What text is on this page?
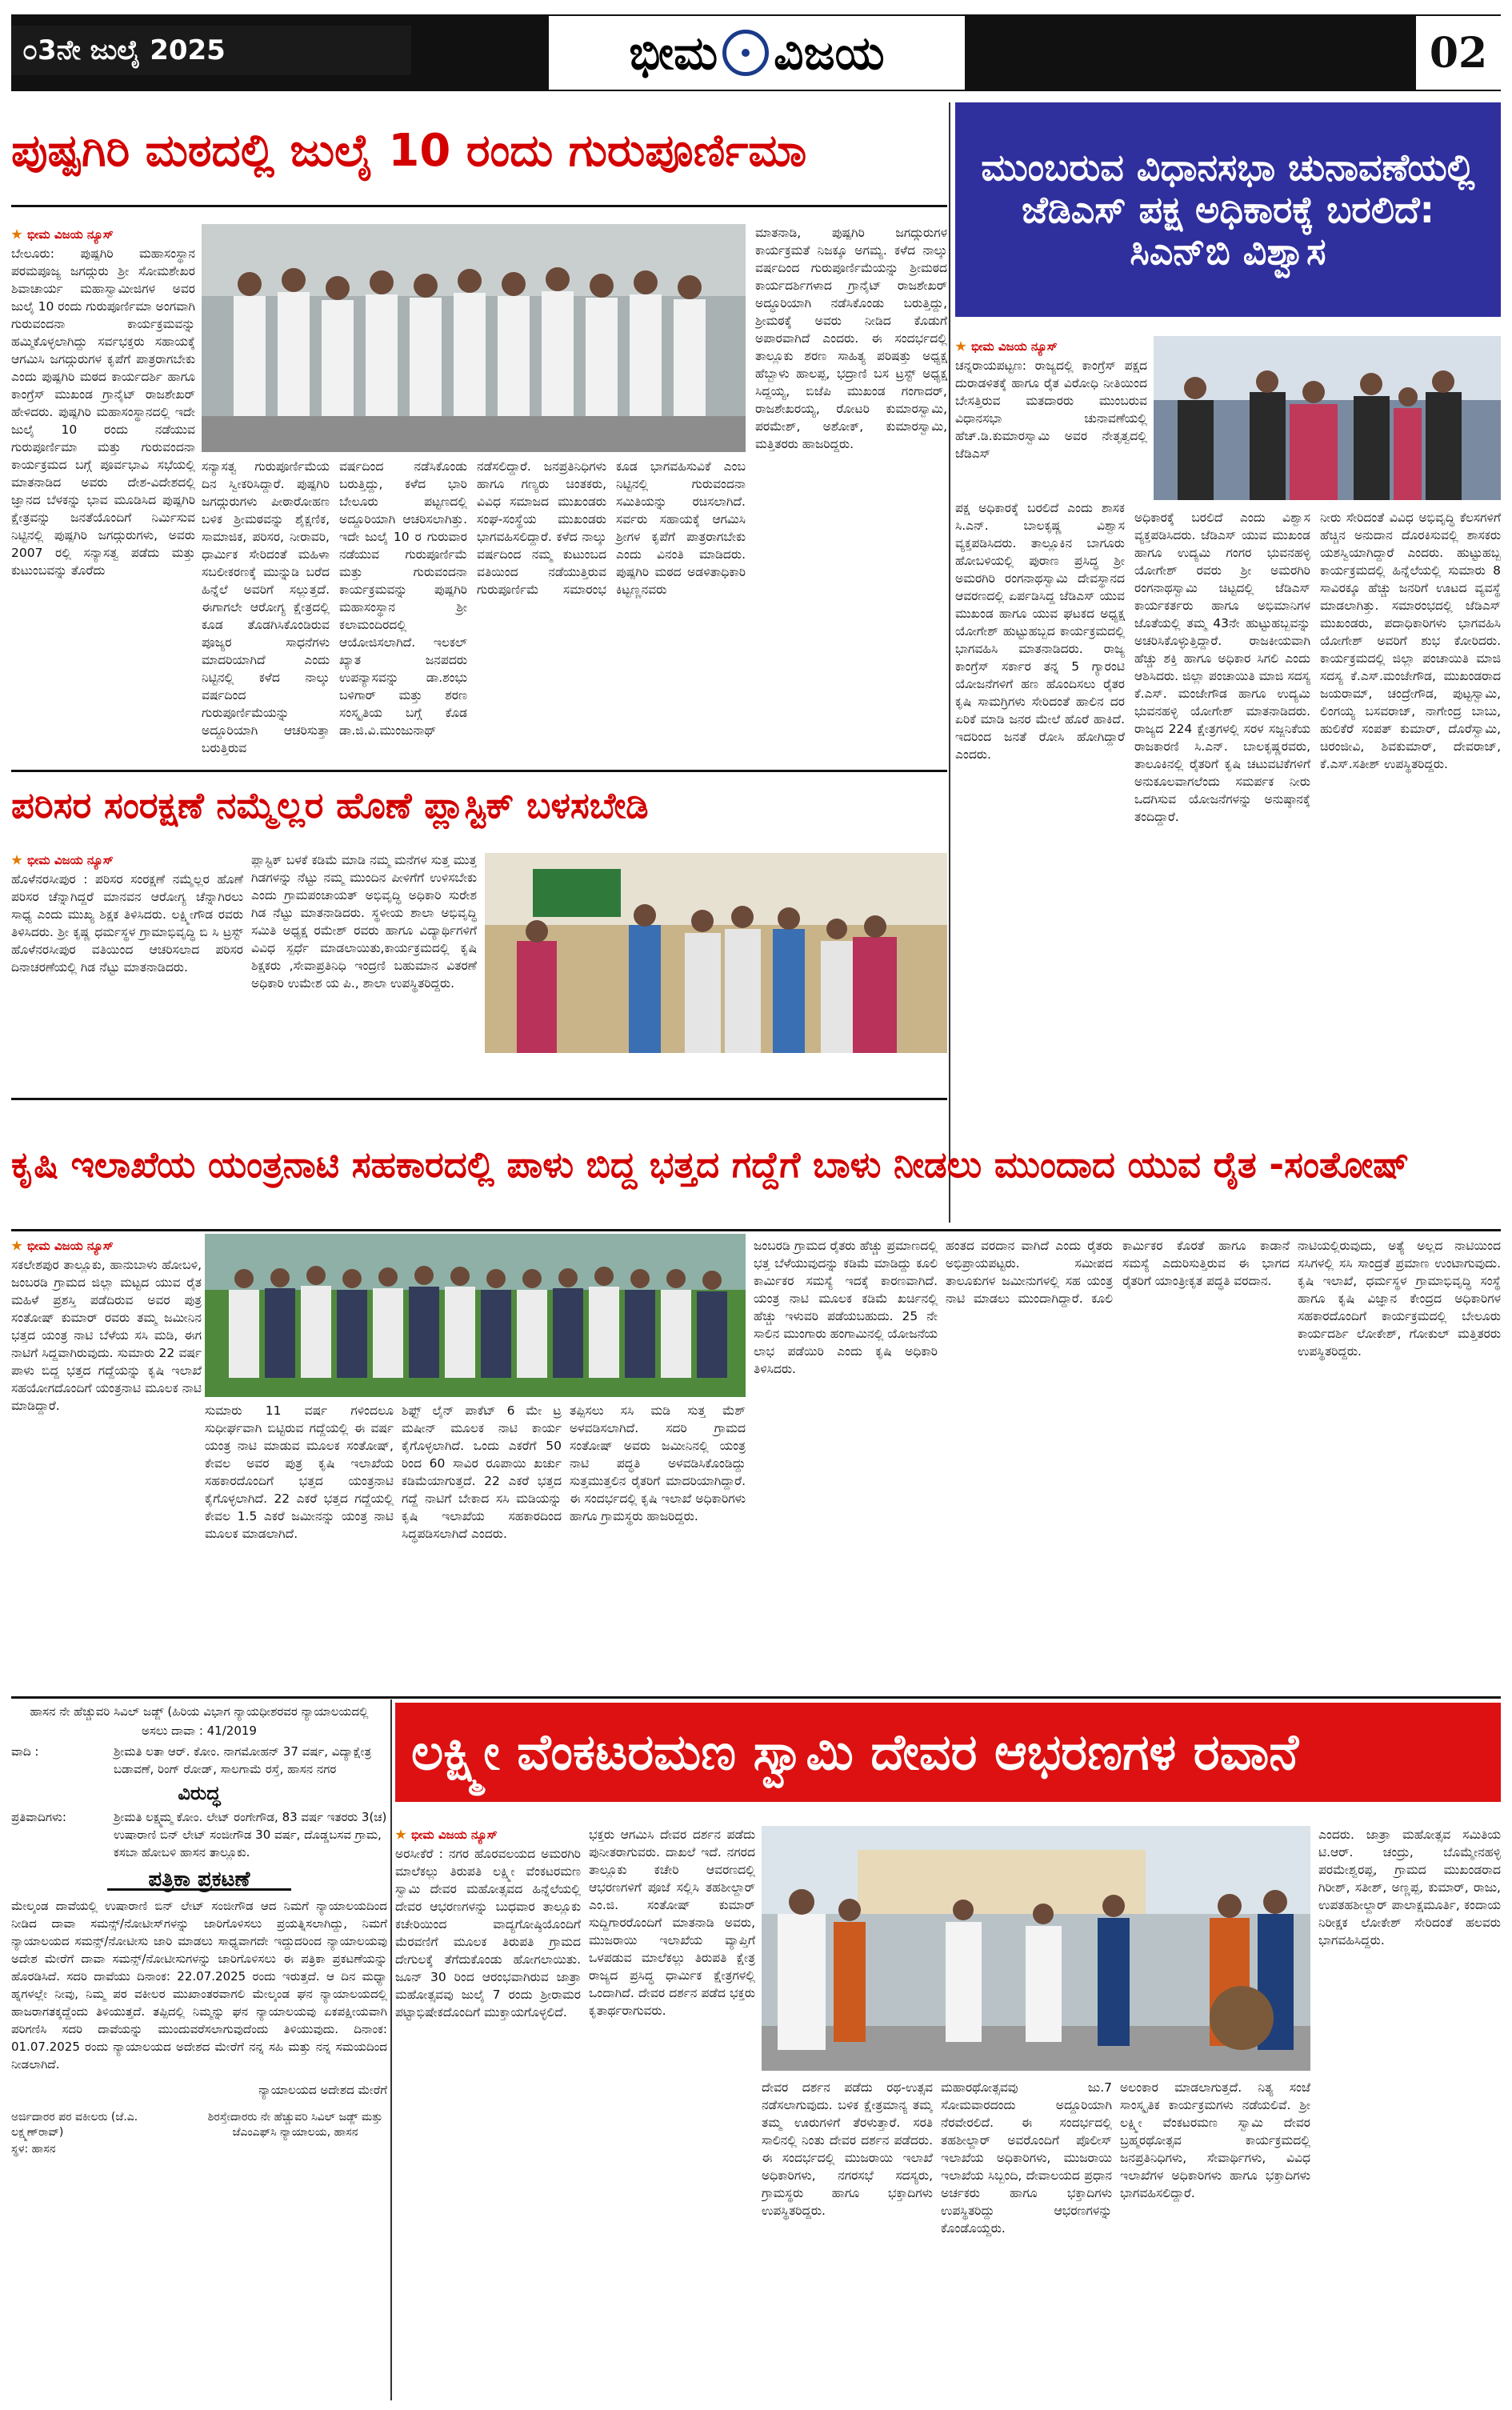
೦3ನೇ ಜುಲೈ 2025	ಭೀಮ ವಿಜಯ	02
ಪುಷ್ಪಗಿರಿ ಮಠದಲ್ಲಿ ಜುಲೈ 10 ರಂದು ಗುರುಪೂರ್ಣಿಮಾ
ಭೀಮ ವಿಜಯ ನ್ಯೂಸ್
ಬೇಲೂರು: ಪುಷ್ಪಗಿರಿ ಮಹಾಸಂಸ್ಥಾನ ಪರಮಪೂಜ್ಯ ಜಗದ್ಗುರು ಶ್ರೀ ಸೋಮಶೇಖರ ಶಿವಾಚಾರ್ಯ ಮಹಾಸ್ವಾಮೀಜಿಗಳ ಅವರ ಜುಲೈ 10 ರಂದು ಗುರುಪೂರ್ಣಿಮಾ ಅಂಗವಾಗಿ ಗುರುವಂದನಾ ಕಾರ್ಯಕ್ರಮವನ್ನು ಹಮ್ಮಿಕೊಳ್ಳಲಾಗಿದ್ದು ಸರ್ವಭಕ್ತರು ಸಹಾಯಕ್ಕೆ ಆಗಮಿಸಿ ಜಗದ್ಗುರುಗಳ ಕೃಪೆಗೆ ಪಾತ್ರರಾಗಬೇಕು ಎಂದು ಪುಷ್ಪಗಿರಿ ಮಠದ ಕಾರ್ಯದರ್ಶಿ ಹಾಗೂ ಕಾಂಗ್ರೆಸ್ ಮುಖಂಡ ಗ್ರಾನೈಟ್ ರಾಜಶೇಖರ್ ಹೇಳಿದರು. ಪುಷ್ಪಗಿರಿ ಮಹಾಸಂಸ್ಥಾನದಲ್ಲಿ ಇದೇ ಜುಲೈ 10 ರಂದು ನಡೆಯುವ ಗುರುಪೂರ್ಣಿಮಾ ಮತ್ತು ಗುರುವಂದನಾ ಕಾರ್ಯಕ್ರಮದ ಬಗ್ಗೆ ಪೂರ್ವಭಾವಿ ಸಭೆಯಲ್ಲಿ ಮಾತನಾಡಿದ ಅವರು ದೇಶ-ವಿದೇಶದಲ್ಲಿ ಜ್ಞಾನದ ಬೆಳಕನ್ನು ಭಾವ ಮೂಡಿಸಿದ ಪುಷ್ಪಗಿರಿ ಕ್ಷೇತ್ರವನ್ನು ಜನತೆಯೊಂದಿಗೆ ನಿರ್ಮಿಸುವ ನಿಟ್ಟಿನಲ್ಲಿ ಪುಷ್ಪಗಿರಿ ಜಗದ್ಗುರುಗಳು, ಅವರು 2007 ರಲ್ಲಿ ಸನ್ಯಾಸತ್ವ ಪಡೆದು ಮತ್ತು ಕುಟುಂಬವನ್ನು ತೊರೆದು
ಸನ್ಯಾಸತ್ವ ಗುರುಪೂರ್ಣಿಮೆಯ ದಿನ ಸ್ವೀಕರಿಸಿದ್ದಾರೆ. ಪುಷ್ಪಗಿರಿ ಜಗದ್ಗುರುಗಳು ಪೀಠಾರೋಹಣ ಬಳಿಕ ಶ್ರೀಮಠವನ್ನು ಶೈಕ್ಷಣಿಕ, ಸಾಮಾಜಿಕ, ಪರಿಸರ, ನೀರಾವರಿ, ಧಾರ್ಮಿಕ ಸೇರಿದಂತೆ ಮಹಿಳಾ ಸಬಲೀಕರಣಕ್ಕೆ ಮುನ್ನುಡಿ ಬರೆದ ಹಿನ್ನೆಲೆ ಅವರಿಗೆ ಸಲ್ಲುತ್ತದೆ. ಈಗಾಗಲೇ ಆರೋಗ್ಯ ಕ್ಷೇತ್ರದಲ್ಲಿ ಕೂಡ ತೊಡಗಿಸಿಕೊಂಡಿರುವ ಪೂಜ್ಯರ ಸಾಧನೆಗಳು ಮಾದರಿಯಾಗಿದೆ ಎಂದು ನಿಟ್ಟಿನಲ್ಲಿ ಕಳೆದ ನಾಲ್ಕು ವರ್ಷದಿಂದ ಗುರುಪೂರ್ಣಿಮೆಯನ್ನು ಅದ್ದೂರಿಯಾಗಿ ಆಚರಿಸುತ್ತಾ ಬರುತ್ತಿರುವ
ವರ್ಷದಿಂದ ನಡೆಸಿಕೊಂಡು ಬರುತ್ತಿದ್ದು, ಕಳೆದ ಭಾರಿ ಬೇಲೂರು ಪಟ್ಟಣದಲ್ಲಿ ಅದ್ದೂರಿಯಾಗಿ ಆಚರಿಸಲಾಗಿತ್ತು. ಇದೇ ಜುಲೈ 10 ರ ಗುರುವಾರ ನಡೆಯುವ ಗುರುಪೂರ್ಣಿಮೆ ಮತ್ತು ಗುರುವಂದನಾ ಕಾರ್ಯಕ್ರಮವನ್ನು ಪುಷ್ಪಗಿರಿ ಮಹಾಸಂಸ್ಥಾನ ಶ್ರೀ ಕಲಾಮಂದಿರದಲ್ಲಿ ಆಯೋಜಿಸಲಾಗಿದೆ. ಇಲಕಲ್ ಖ್ಯಾತ ಜನಪದರು ಉಪನ್ಯಾಸವನ್ನು ಡಾ.ಶಂಭು ಬಳಿಗಾರ್ ಮತ್ತು ಶರಣ ಸಂಸ್ಕೃತಿಯ ಬಗ್ಗೆ ಕೊಡ ಡಾ.ಜಿ.ವಿ.ಮುಂಜುನಾಥ್
ನಡೆಸಲಿದ್ದಾರೆ. ಜನಪ್ರತಿನಿಧಿಗಳು ಹಾಗೂ ಗಣ್ಯರು ಚಿಂತಕರು, ವಿವಿಧ ಸಮಾಜದ ಮುಖಂಡರು ಸಂಘ-ಸಂಸ್ಥೆಯ ಮುಖಂಡರು ಭಾಗವಹಿಸಲಿದ್ದಾರೆ. ಕಳೆದ ನಾಲ್ಕು ವರ್ಷದಿಂದ ನಮ್ಮ ಕುಟುಂಬದ ವತಿಯಿಂದ ನಡೆಯುತ್ತಿರುವ ಗುರುಪೂರ್ಣಿಮೆ ಸಮಾರಂಭ ಕೂಡ ಭಾಗವಹಿಸುವಿಕೆ ಎಂಬ ನಿಟ್ಟಿನಲ್ಲಿ ಗುರುವಂದನಾ ಸಮಿತಿಯನ್ನು ರಚಿಸಲಾಗಿದೆ. ಸರ್ವರು ಸಹಾಯಕ್ಕೆ ಆಗಮಿಸಿ ಶ್ರೀಗಳ ಕೃಪೆಗೆ ಪಾತ್ರರಾಗಬೇಕು ಎಂದು ವಿನಂತಿ ಮಾಡಿದರು. ಪುಷ್ಪಗಿರಿ ಮಠದ ಅಡಳಿತಾಧಿಕಾರಿ ಕಿಟ್ಟಣ್ಣನವರು
ಮಾತನಾಡಿ, ಪುಷ್ಪಗಿರಿ ಜಗದ್ಗುರುಗಳ ಕಾರ್ಯಕ್ರಮತೆ ನಿಜಕ್ಕೂ ಅಗಮ್ಯ. ಕಳೆದ ನಾಲ್ಕು ವರ್ಷದಿಂದ ಗುರುಪೂರ್ಣಿಮೆಯನ್ನು ಶ್ರೀಮಠದ ಕಾರ್ಯದರ್ಶಿಗಳಾದ ಗ್ರಾನೈಟ್ ರಾಜಶೇಖರ್ ಅದ್ಧೂರಿಯಾಗಿ ನಡೆಸಿಕೊಂಡು ಬರುತ್ತಿದ್ದು, ಶ್ರೀಮಠಕ್ಕೆ ಅವರು ನೀಡಿದ ಕೊಡುಗೆ ಅಪಾರವಾಗಿದೆ ಎಂದರು. ಈ ಸಂದರ್ಭದಲ್ಲಿ ತಾಲ್ಲೂಕು ಶರಣ ಸಾಹಿತ್ಯ ಪರಿಷತ್ತು ಅಧ್ಯಕ್ಷ ಹೆಬ್ಬಾಳು ಹಾಲಪ್ಪ, ಭದ್ರಾಣಿ ಬಸ ಟ್ರಸ್ಟ್ ಅಧ್ಯಕ್ಷ ಸಿದ್ದಯ್ಯ, ಬಿಜೆಪಿ ಮುಖಂಡ ಗಂಗಾದರ್, ರಾಜಶೇಖರಯ್ಯ, ರೋಟರಿ ಕುಮಾರಸ್ವಾಮಿ, ಪರಮೇಶ್, ಅಶೋಕ್, ಕುಮಾರಸ್ವಾಮಿ, ಮತ್ತಿತರರು ಹಾಜರಿದ್ದರು.
ಮುಂಬರುವ ವಿಧಾನಸಭಾ ಚುನಾವಣೆಯಲ್ಲಿ ಜೆಡಿಎಸ್ ಪಕ್ಷ ಅಧಿಕಾರಕ್ಕೆ ಬರಲಿದೆ: ಸಿಎನ್‌ಬಿ ವಿಶ್ವಾಸ
ಭೀಮ ವಿಜಯ ನ್ಯೂಸ್
ಚನ್ನರಾಯಪಟ್ಟಣ: ರಾಜ್ಯದಲ್ಲಿ ಕಾಂಗ್ರೆಸ್ ಪಕ್ಷದ ದುರಾಡಳಿತಕ್ಕೆ ಹಾಗೂ ರೈತ ವಿರೋಧಿ ನೀತಿಯಿಂದ ಬೇಸತ್ತಿರುವ ಮತದಾರರು ಮುಂಬರುವ ವಿಧಾನಸಭಾ ಚುನಾವಣೆಯಲ್ಲಿ ಹೆಚ್.ಡಿ.ಕುಮಾರಸ್ವಾಮಿ ಅವರ ನೇತೃತ್ವದಲ್ಲಿ ಜೆಡಿಎಸ್
ಪಕ್ಷ ಅಧಿಕಾರಕ್ಕೆ ಬರಲಿದೆ ಎಂದು ಶಾಸಕ ಸಿ.ಎನ್. ಬಾಲಕೃಷ್ಣ ವಿಶ್ವಾಸ ವ್ಯಕ್ತಪಡಿಸಿದರು. ತಾಲ್ಲೂಕಿನ ಬಾಗೂರು ಹೋಬಳಿಯಲ್ಲಿ ಪುರಾಣ ಪ್ರಸಿದ್ಧ ಶ್ರೀ ಅಮರಗಿರಿ ರಂಗನಾಥಸ್ವಾಮಿ ದೇವಸ್ಥಾನದ ಆವರಣದಲ್ಲಿ ಏರ್ಪಡಿಸಿದ್ದ ಜೆಡಿಎಸ್ ಯುವ ಮುಖಂಡ ಹಾಗೂ ಯುವ ಘಟಕದ ಅಧ್ಯಕ್ಷ ಯೋಗೇಶ್ ಹುಟ್ಟುಹಬ್ಬದ ಕಾರ್ಯಕ್ರಮದಲ್ಲಿ ಭಾಗವಹಿಸಿ ಮಾತನಾಡಿದರು. ರಾಜ್ಯ ಕಾಂಗ್ರೆಸ್ ಸರ್ಕಾರ ತನ್ನ 5 ಗ್ಯಾರಂಟಿ ಯೋಜನೆಗಳಿಗೆ ಹಣ ಹೊಂದಿಸಲು ರೈತರ ಕೃಷಿ ಸಾಮಗ್ರಿಗಳು ಸೇರಿದಂತೆ ಹಾಲಿನ ದರ ಏರಿಕೆ ಮಾಡಿ ಜನರ ಮೇಲೆ ಹೊರೆ ಹಾಕಿದೆ. ಇದರಿಂದ ಜನತೆ ರೋಸಿ ಹೋಗಿದ್ದಾರೆ ಎಂದರು.
ಅಧಿಕಾರಕ್ಕೆ ಬರಲಿದೆ ಎಂದು ವಿಶ್ವಾಸ ವ್ಯಕ್ತಪಡಿಸಿದರು. ಜೆಡಿಎಸ್ ಯುವ ಮುಖಂಡ ಹಾಗೂ ಉದ್ಯಮಿ ಗಂಗರ ಭುವನಹಳ್ಳಿ ಯೋಗೇಶ್ ರವರು ಶ್ರೀ ಅಮರಗಿರಿ ರಂಗನಾಥಸ್ವಾಮಿ ಚಿಟ್ಟದಲ್ಲಿ ಜೆಡಿಎಸ್ ಕಾರ್ಯಕರ್ತರು ಹಾಗೂ ಅಭಿಮಾನಿಗಳ ಜೊತೆಯಲ್ಲಿ ತಮ್ಮ 43ನೇ ಹುಟ್ಟುಹಬ್ಬವನ್ನು ಅಚರಿಸಿಕೊಳ್ಳುತ್ತಿದ್ದಾರೆ. ರಾಜಕೀಯವಾಗಿ ಹೆಚ್ಚು ಶಕ್ತಿ ಹಾಗೂ ಅಧಿಕಾರ ಸಿಗಲಿ ಎಂದು ಆಶಿಸಿದರು. ಜಿಲ್ಲಾ ಪಂಚಾಯಿತಿ ಮಾಜಿ ಸದಸ್ಯ ಕೆ.ಎಸ್. ಮಂಜೇಗೌಡ ಹಾಗೂ ಉದ್ಯಮಿ ಭುವನಹಳ್ಳಿ ಯೋಗೇಶ್ ಮಾತನಾಡಿದರು. ರಾಜ್ಯದ 224 ಕ್ಷೇತ್ರಗಳಲ್ಲಿ ಸರಳ ಸಜ್ಜನಿಕೆಯ ರಾಜಕಾರಣಿ ಸಿ.ಎನ್. ಬಾಲಕೃಷ್ಣರವರು, ತಾಲೂಕಿನಲ್ಲಿ ರೈತರಿಗೆ ಕೃಷಿ ಚಟುವಟಿಕೆಗಳಿಗೆ ಅನುಕೂಲವಾಗಲೆಂದು ಸಮರ್ಪಕ ನೀರು ಒದಗಿಸುವ ಯೋಜನೆಗಳನ್ನು ಅನುಷ್ಠಾನಕ್ಕೆ ತಂದಿದ್ದಾರೆ.
ನೀರು ಸೇರಿದಂತೆ ವಿವಿಧ ಅಭಿವೃದ್ಧಿ ಕೆಲಸಗಳಿಗೆ ಹೆಚ್ಚಿನ ಅನುದಾನ ದೊರಕಿಸುವಲ್ಲಿ ಶಾಸಕರು ಯಶಸ್ವಿಯಾಗಿದ್ದಾರೆ ಎಂದರು. ಹುಟ್ಟುಹಬ್ಬ ಕಾರ್ಯಕ್ರಮದಲ್ಲಿ ಹಿನ್ನೆಲೆಯಲ್ಲಿ ಸುಮಾರು 8 ಸಾವಿರಕ್ಕೂ ಹೆಚ್ಚು ಜನರಿಗೆ ಊಟದ ವ್ಯವಸ್ಥೆ ಮಾಡಲಾಗಿತ್ತು. ಸಮಾರಂಭದಲ್ಲಿ ಜೆಡಿಎಸ್ ಮುಖಂಡರು, ಪದಾಧಿಕಾರಿಗಳು ಭಾಗವಹಿಸಿ ಯೋಗೇಶ್ ಅವರಿಗೆ ಶುಭ ಕೋರಿದರು. ಕಾರ್ಯಕ್ರಮದಲ್ಲಿ ಜಿಲ್ಲಾ ಪಂಚಾಯಿತಿ ಮಾಜಿ ಸದಸ್ಯ ಕೆ.ಎಸ್.ಮಂಜೇಗೌಡ, ಮುಖಂಡರಾದ ಜಯರಾಮ್, ಚಂದ್ರೇಗೌಡ, ಪುಟ್ಟಸ್ವಾಮಿ, ಲಿಂಗಯ್ಯ ಬಸವರಾಜ್, ನಾಗೇಂದ್ರ ಬಾಬು, ಹುಲಿಕೆರೆ ಸಂಪತ್ ಕುಮಾರ್, ದೊರೆಸ್ವಾಮಿ, ಚಿರಂಜೀವಿ, ಶಿವಕುಮಾರ್, ದೇವರಾಜ್, ಕೆ.ಎಸ್.ಸತೀಶ್ ಉಪಸ್ಥಿತರಿದ್ದರು.
ಪರಿಸರ ಸಂರಕ್ಷಣೆ ನಮ್ಮೆಲ್ಲರ ಹೊಣೆ ಪ್ಲಾಸ್ಟಿಕ್ ಬಳಸಬೇಡಿ
ಭೀಮ ವಿಜಯ ನ್ಯೂಸ್
ಹೊಳೆನರಸೀಪುರ : ಪರಿಸರ ಸಂರಕ್ಷಣೆ ನಮ್ಮೆಲ್ಲರ ಹೊಣೆ ಪರಿಸರ ಚೆನ್ನಾಗಿದ್ದರೆ ಮಾನವನ ಆರೋಗ್ಯ ಚೆನ್ನಾಗಿರಲು ಸಾಧ್ಯ ಎಂದು ಮುಖ್ಯ ಶಿಕ್ಷಕ ತಿಳಿಸಿದರು. ಲಕ್ಷ್ಮೀಗೌಡ ರವರು ತಿಳಿಸಿದರು. ಶ್ರೀ ಕೃಷ್ಣ ಧರ್ಮಸ್ಥಳ ಗ್ರಾಮಾಭಿವೃದ್ಧಿ ಬಿ ಸಿ ಟ್ರಸ್ಟ್ ಹೊಳೆನರಸೀಪುರ ವತಿಯಿಂದ ಆಚರಿಸಲಾದ ಪರಿಸರ ದಿನಾಚರಣೆಯಲ್ಲಿ ಗಿಡ ನೆಟ್ಟು ಮಾತನಾಡಿದರು.
ಪ್ಲಾಸ್ಟಿಕ್ ಬಳಕೆ ಕಡಿಮೆ ಮಾಡಿ ನಮ್ಮ ಮನೆಗಳ ಸುತ್ತ ಮುತ್ತ ಗಿಡಗಳನ್ನು ನೆಟ್ಟು ನಮ್ಮ ಮುಂದಿನ ಪೀಳಿಗೆಗೆ ಉಳಿಸಬೇಕು ಎಂದು ಗ್ರಾಮಪಂಚಾಯತ್ ಅಭಿವೃದ್ಧಿ ಅಧಿಕಾರಿ ಸುರೇಶ ಗಿಡ ನೆಟ್ಟು ಮಾತನಾಡಿದರು. ಸ್ಥಳೀಯ ಶಾಲಾ ಅಭಿವೃದ್ಧಿ ಸಮಿತಿ ಅಧ್ಯಕ್ಷ ರಮೇಶ್ ರವರು ಹಾಗೂ ವಿದ್ಯಾರ್ಥಿಗಳಿಗೆ ವಿವಿಧ ಸ್ಪರ್ಧೆ ಮಾಡಲಾಯಿತು,ಕಾರ್ಯಕ್ರಮದಲ್ಲಿ ಕೃಷಿ ಶಿಕ್ಷಕರು ,ಸೇವಾಪ್ರತಿನಿಧಿ ಇಂದ್ರಣಿ ಬಹುಮಾನ ವಿತರಣೆ ಅಧಿಕಾರಿ ಉಮೇಶ ಯ ಪಿ., ಶಾಲಾ ಉಪಸ್ಥಿತರಿದ್ದರು.
ಕೃಷಿ ಇಲಾಖೆಯ ಯಂತ್ರನಾಟಿ ಸಹಕಾರದಲ್ಲಿ ಪಾಳು ಬಿದ್ದ ಭತ್ತದ ಗದ್ದೆಗೆ ಬಾಳು ನೀಡಲು ಮುಂದಾದ ಯುವ ರೈತ -ಸಂತೋಷ್
ಭೀಮ ವಿಜಯ ನ್ಯೂಸ್
ಸಕಲೇಶಪುರ ತಾಲ್ಲೂಕು, ಹಾನುಬಾಳು ಹೋಬಳಿ, ಜಂಬರಡಿ ಗ್ರಾಮದ ಜಿಲ್ಲಾ ಮಟ್ಟದ ಯುವ ರೈತ ಮಹಿಳೆ ಪ್ರಶಸ್ತಿ ಪಡೆದಿರುವ ಅವರ ಪುತ್ರ ಸಂತೋಷ್ ಕುಮಾರ್ ರವರು ತಮ್ಮ ಜಮೀನಿನ ಭತ್ತದ ಯಂತ್ರ ನಾಟಿ ಬೆಳೆಯ ಸಸಿ ಮಡಿ, ಈಗ ನಾಟಿಗೆ ಸಿದ್ದವಾಗಿರುವುದು. ಸುಮಾರು 22 ವರ್ಷ ಪಾಳು ಬಿದ್ದ ಭತ್ತದ ಗದ್ದೆಯನ್ನು ಕೃಷಿ ಇಲಾಖೆ ಸಹಯೋಗದೊಂದಿಗೆ ಯಂತ್ರನಾಟಿ ಮೂಲಕ ನಾಟಿ ಮಾಡಿದ್ದಾರೆ.	ಸುಮಾರು 11 ವರ್ಷ ಗಳಿಂದಲೂ ಸುಧೀರ್ಘವಾಗಿ ಬಿಟ್ಟಿರುವ ಗದ್ದೆಯಲ್ಲಿ ಈ ವರ್ಷ ಯಂತ್ರ ನಾಟಿ ಮಾಡುವ ಮೂಲಕ ಸಂತೋಷ್, ಕೇವಲ ಅವರ ಪುತ್ರ ಕೃಷಿ ಇಲಾಖೆಯ ಸಹಕಾರದೊಂದಿಗೆ ಭತ್ತದ ಯಂತ್ರನಾಟಿ ಕೈಗೊಳ್ಳಲಾಗಿದೆ. 22 ಎಕರೆ ಭತ್ತದ ಗದ್ದೆಯಲ್ಲಿ ಕೇವಲ 1.5 ಎಕರೆ ಜಮೀನನ್ನು ಯಂತ್ರ ನಾಟಿ ಮೂಲಕ ಮಾಡಲಾಗಿದೆ.
ಶಿಫ್ಟ್ ಲೈನ್ ಪಾಕೆಟ್ 6 ಮೇ ಟ್ರ ಮಷೀನ್ ಮೂಲಕ ನಾಟಿ ಕಾರ್ಯ ಕೈಗೊಳ್ಳಲಾಗಿದೆ. ಒಂದು ಎಕರೆಗೆ 50 ರಿಂದ 60 ಸಾವಿರ ರೂಪಾಯಿ ಖರ್ಚು ಕಡಿಮೆಯಾಗುತ್ತದೆ. 22 ಎಕರೆ ಭತ್ತದ ಗದ್ದೆ ನಾಟಿಗೆ ಬೇಕಾದ ಸಸಿ ಮಡಿಯನ್ನು ಕೃಷಿ ಇಲಾಖೆಯ ಸಹಕಾರದಿಂದ ಸಿದ್ಧಪಡಿಸಲಾಗಿದೆ ಎಂದರು.
ತಪ್ಪಿಸಲು ಸಸಿ ಮಡಿ ಸುತ್ತ ಮೆಶ್ ಅಳವಡಿಸಲಾಗಿದೆ. ಸದರಿ ಗ್ರಾಮದ ಸಂತೋಷ್ ಅವರು ಜಮೀನಿನಲ್ಲಿ ಯಂತ್ರ ನಾಟಿ ಪದ್ಧತಿ ಅಳವಡಿಸಿಕೊಂಡಿದ್ದು ಸುತ್ತಮುತ್ತಲಿನ ರೈತರಿಗೆ ಮಾದರಿಯಾಗಿದ್ದಾರೆ. ಈ ಸಂದರ್ಭದಲ್ಲಿ ಕೃಷಿ ಇಲಾಖೆ ಅಧಿಕಾರಿಗಳು ಹಾಗೂ ಗ್ರಾಮಸ್ಥರು ಹಾಜರಿದ್ದರು.
ಜಂಬರಡಿ ಗ್ರಾಮದ ರೈತರು ಹೆಚ್ಚು ಪ್ರಮಾಣದಲ್ಲಿ ಭತ್ತ ಬೆಳೆಯುವುದನ್ನು ಕಡಿಮೆ ಮಾಡಿದ್ದು ಕೂಲಿ ಕಾರ್ಮಿಕರ ಸಮಸ್ಯೆ ಇದಕ್ಕೆ ಕಾರಣವಾಗಿದೆ. ಯಂತ್ರ ನಾಟಿ ಮೂಲಕ ಕಡಿಮೆ ಖರ್ಚಿನಲ್ಲಿ ಹೆಚ್ಚು ಇಳುವರಿ ಪಡೆಯಬಹುದು. 25 ನೇ ಸಾಲಿನ ಮುಂಗಾರು ಹಂಗಾಮಿನಲ್ಲಿ ಯೋಜನೆಯ ಲಾಭ ಪಡೆಯಿರಿ ಎಂದು ಕೃಷಿ ಅಧಿಕಾರಿ ತಿಳಿಸಿದರು.
ಹಂತದ ವರದಾನ ವಾಗಿದೆ ಎಂದು ರೈತರು ಅಭಿಪ್ರಾಯಪಟ್ಟರು. ಸಮೀಪದ ತಾಲೂಕುಗಳ ಜಮೀನುಗಳಲ್ಲಿ ಸಹ ಯಂತ್ರ ನಾಟಿ ಮಾಡಲು ಮುಂದಾಗಿದ್ದಾರೆ. ಕೂಲಿ ಕಾರ್ಮಿಕರ ಕೊರತೆ ಹಾಗೂ ಕಾಡಾನೆ ಸಮಸ್ಯೆ ಎದುರಿಸುತ್ತಿರುವ ಈ ಭಾಗದ ರೈತರಿಗೆ ಯಾಂತ್ರೀಕೃತ ಪದ್ಧತಿ ವರದಾನ.
ನಾಟಿಯಲ್ಲಿರುವುದು, ಅತ್ಯೆ ಅಲ್ಲದ ನಾಟಿಯಿಂದ ಸಸಿಗಳಲ್ಲಿ ಸಸಿ ಸಾಂದ್ರತೆ ಪ್ರಮಾಣ ಉಂಟಾಗುವುದು. ಕೃಷಿ ಇಲಾಖೆ, ಧರ್ಮಸ್ಥಳ ಗ್ರಾಮಾಭಿವೃದ್ಧಿ ಸಂಸ್ಥೆ ಹಾಗೂ ಕೃಷಿ ವಿಜ್ಞಾನ ಕೇಂದ್ರದ ಅಧಿಕಾರಿಗಳ ಸಹಕಾರದೊಂದಿಗೆ ಕಾರ್ಯಕ್ರಮದಲ್ಲಿ ಬೇಲೂರು ಕಾರ್ಯದರ್ಶಿ ಲೋಕೇಶ್, ಗೋಕುಲ್ ಮತ್ತಿತರರು ಉಪಸ್ಥಿತರಿದ್ದರು.
ಹಾಸನ ನೇ ಹೆಚ್ಚುವರಿ ಸಿವಿಲ್ ಜಡ್ಜ್ (ಹಿರಿಯ ವಿಭಾಗ ನ್ಯಾಯಧೀಶರವರ ನ್ಯಾಯಾಲಯದಲ್ಲಿ
ಅಸಲು ದಾವಾ : 41/2019
ವಾದಿ :	ಶ್ರೀಮತಿ ಲತಾ ಆರ್. ಕೋಂ. ನಾಗಮೋಹನ್ 37 ವರ್ಷ, ವಿದ್ಯಾಕ್ಷೇತ್ರ ಬಡಾವಣೆ, ರಿಂಗ್ ರೋಡ್, ಸಾಲಗಾಮೆ ರಸ್ತೆ, ಹಾಸನ ನಗರ
ವಿರುದ್ಧ
ಪ್ರತಿವಾದಿಗಳು:	ಶ್ರೀಮತಿ ಲಕ್ಷ್ಮಮ್ಮ ಕೋಂ. ಲೇಟ್ ರಂಗೇಗೌಡ, 83 ವರ್ಷ ಇತರರು 3(ಚ) ಉಷಾರಾಣಿ ಬಿನ್ ಲೇಟ್ ಸಂಜೀಗೌಡ 30 ವರ್ಷ, ದೊಡ್ಡಬಸವ ಗ್ರಾಮ, ಕಸಬಾ ಹೋಬಳಿ ಹಾಸನ ತಾಲ್ಲೂಕು.
ಪತ್ರಿಕಾ ಪ್ರಕಟಣೆ
ಮೇಲ್ಕಂಡ ದಾವೆಯಲ್ಲಿ ಉಷಾರಾಣಿ ಬಿನ್ ಲೇಟ್ ಸಂಜೀಗೌಡ ಆದ ನಿಮಗೆ ನ್ಯಾಯಾಲಯದಿಂದ ನೀಡಿದ ದಾವಾ ಸಮನ್ಸ್/ನೋಟೀಸ್‌ಗಳನ್ನು ಜಾರಿಗೊಳಿಸಲು ಪ್ರಯತ್ನಿಸಲಾಗಿದ್ದು, ನಿಮಗೆ ನ್ಯಾಯಾಲಯದ ಸಮನ್ಸ್/ನೋಟೀಸು ಜಾರಿ ಮಾಡಲು ಸಾಧ್ಯವಾಗದೇ ಇದ್ದುದರಿಂದ ನ್ಯಾಯಾಲಯವು ಅದೇಶ ಮೇರೆಗೆ ದಾವಾ ಸಮನ್ಸ್/ನೋಟೀಸುಗಳನ್ನು ಜಾರಿಗೊಳಿಸಲು ಈ ಪತ್ರಿಕಾ ಪ್ರಕಟಣೆಯನ್ನು ಹೊರಡಿಸಿದೆ. ಸದರಿ ದಾವೆಯು ದಿನಾಂಕ: 22.07.2025 ರಂದು ಇರುತ್ತದೆ. ಆ ದಿನ ಮಧ್ಯಾ ಹ್ನಗಳಲ್ಲೇ ನೀವು, ನಿಮ್ಮ ಪರ ವಕೀಲರ ಮುಖಾಂತರವಾಗಲಿ ಮೇಲ್ಕಂಡ ಘನ ನ್ಯಾಯಾಲಯದಲ್ಲಿ ಹಾಜರಾಗತಕ್ಕದ್ದೆಂದು ತಿಳಿಯುತ್ತದೆ. ತಪ್ಪಿದಲ್ಲಿ ನಿಮ್ಮನ್ನು ಘನ ನ್ಯಾಯಾಲಯವು ಏಕಪಕ್ಷೀಯವಾಗಿ ಪರಿಗಣಿಸಿ ಸದರಿ ದಾವೆಯನ್ನು ಮುಂದುವರೆಸಲಾಗುವುದೆಂದು ತಿಳಿಯುವುದು. ದಿನಾಂಕ: 01.07.2025 ರಂದು ನ್ಯಾಯಾಲಯದ ಅದೇಶದ ಮೇರೆಗೆ ನನ್ನ ಸಹಿ ಮತ್ತು ನನ್ನ ಸಮಯದಿಂದ ನೀಡಲಾಗಿದೆ.
ನ್ಯಾಯಾಲಯದ ಅದೇಶದ ಮೇರೆಗೆ
ಅರ್ಜಿದಾರರ ಪರ ವಕೀಲರು (ಜೆ.ಎ. ಲಕ್ಷ್ಮಣ್‌ರಾವ್)
ಶಿರಸ್ತೇದಾರರು ನೇ ಹೆಚ್ಚುವರಿ ಸಿವಿಲ್ ಜಡ್ಜ್ ಮತ್ತು ಜೆಎಂಎಫ್‌ಸಿ ನ್ಯಾಯಾಲಯ, ಹಾಸನ
ಸ್ಥಳ: ಹಾಸನ
ಲಕ್ಷ್ಮೀ ವೆಂಕಟರಮಣ ಸ್ವಾಮಿ ದೇವರ ಆಭರಣಗಳ ರವಾನೆ
ಭೀಮ ವಿಜಯ ನ್ಯೂಸ್
ಅರಸೀಕೆರೆ : ನಗರ ಹೊರವಲಯದ ಅಮರಗಿರಿ ಮಾಲೆಕಲ್ಲು ತಿರುಪತಿ ಲಕ್ಷ್ಮೀ ವೆಂಕಟರಮಣ ಸ್ವಾಮಿ ದೇವರ ಮಹೋತ್ಸವದ ಹಿನ್ನೆಲೆಯಲ್ಲಿ ದೇವರ ಆಭರಣಗಳನ್ನು ಬುಧವಾರ ತಾಲ್ಲೂಕು ಕಚೇರಿಯಿಂದ ವಾದ್ಯಗೋಷ್ಠಿಯೊಂದಿಗೆ ಮೆರವಣಿಗೆ ಮೂಲಕ ತಿರುಪತಿ ಗ್ರಾಮದ ದೇಗುಲಕ್ಕೆ ತೆಗೆದುಕೊಂಡು ಹೋಗಲಾಯಿತು. ಜೂನ್ 30 ರಿಂದ ಆರಂಭವಾಗಿರುವ ಜಾತ್ರಾ ಮಹೋತ್ಸವವು ಜುಲೈ 7 ರಂದು ಶ್ರೀರಾಮರ ಪಟ್ಟಾಭಿಷೇಕದೊಂದಿಗೆ ಮುಕ್ತಾಯಗೊಳ್ಳಲಿದೆ.
ಭಕ್ತರು ಆಗಮಿಸಿ ದೇವರ ದರ್ಶನ ಪಡೆದು ಪುನೀತರಾಗುವರು. ದಾಖಲೆ ಇದೆ. ನಗರದ ತಾಲ್ಲೂಕು ಕಚೇರಿ ಆವರಣದಲ್ಲಿ ಆಭರಣಗಳಿಗೆ ಪೂಜೆ ಸಲ್ಲಿಸಿ ತಹಶೀಲ್ದಾರ್ ಎಂ.ಜಿ. ಸಂತೋಷ್ ಕುಮಾರ್ ಸುದ್ದಿಗಾರರೊಂದಿಗೆ ಮಾತನಾಡಿ ಅವರು, ಮುಜರಾಯಿ ಇಲಾಖೆಯ ವ್ಯಾಪ್ತಿಗೆ ಒಳಪಡುವ ಮಾಲೆಕಲ್ಲು ತಿರುಪತಿ ಕ್ಷೇತ್ರ ರಾಜ್ಯದ ಪ್ರಸಿದ್ಧ ಧಾರ್ಮಿಕ ಕ್ಷೇತ್ರಗಳಲ್ಲಿ ಒಂದಾಗಿದೆ. ದೇವರ ದರ್ಶನ ಪಡೆದ ಭಕ್ತರು ಕೃತಾರ್ಥರಾಗುವರು.
ದೇವರ ದರ್ಶನ ಪಡೆದು ರಥ-ಉತ್ಸವ ನಡೆಸಲಾಗುವುದು. ಬಳಿಕ ಕ್ಷೇತ್ರಮಾನ್ಯ ತಮ್ಮ ತಮ್ಮ ಊರುಗಳಿಗೆ ತೆರಳುತ್ತಾರೆ. ಸರತಿ ಸಾಲಿನಲ್ಲಿ ನಿಂತು ದೇವರ ದರ್ಶನ ಪಡೆದರು. ಈ ಸಂದರ್ಭದಲ್ಲಿ ಮುಜರಾಯಿ ಇಲಾಖೆ ಅಧಿಕಾರಿಗಳು, ನಗರಸಭೆ ಸದಸ್ಯರು, ಗ್ರಾಮಸ್ಥರು ಹಾಗೂ ಭಕ್ತಾದಿಗಳು ಉಪಸ್ಥಿತರಿದ್ದರು.
ಮಹಾರಥೋತ್ಸವವು ಜು.7 ಸೋಮವಾರದಂದು ಅದ್ದೂರಿಯಾಗಿ ನೆರವೇರಲಿದೆ. ಈ ಸಂದರ್ಭದಲ್ಲಿ ತಹಶೀಲ್ದಾರ್ ಅವರೊಂದಿಗೆ ಪೊಲೀಸ್ ಇಲಾಖೆಯ ಅಧಿಕಾರಿಗಳು, ಮುಜರಾಯಿ ಇಲಾಖೆಯ ಸಿಬ್ಬಂದಿ, ದೇವಾಲಯದ ಪ್ರಧಾನ ಅರ್ಚಕರು ಹಾಗೂ ಭಕ್ತಾದಿಗಳು ಉಪಸ್ಥಿತರಿದ್ದು ಆಭರಣಗಳನ್ನು ಕೊಂಡೊಯ್ದರು.
ಅಲಂಕಾರ ಮಾಡಲಾಗುತ್ತದೆ. ನಿತ್ಯ ಸಂಜೆ ಸಾಂಸ್ಕೃತಿಕ ಕಾರ್ಯಕ್ರಮಗಳು ನಡೆಯಲಿವೆ. ಶ್ರೀ ಲಕ್ಷ್ಮೀ ವೆಂಕಟರಮಣ ಸ್ವಾಮಿ ದೇವರ ಬ್ರಹ್ಮರಥೋತ್ಸವ ಕಾರ್ಯಕ್ರಮದಲ್ಲಿ ಜನಪ್ರತಿನಿಧಿಗಳು, ಸೇವಾರ್ಥಿಗಳು, ವಿವಿಧ ಇಲಾಖೆಗಳ ಅಧಿಕಾರಿಗಳು ಹಾಗೂ ಭಕ್ತಾದಿಗಳು ಭಾಗವಹಿಸಲಿದ್ದಾರೆ.
ಎಂದರು. ಜಾತ್ರಾ ಮಹೋತ್ಸವ ಸಮಿತಿಯ ಟಿ.ಆರ್. ಚಂದ್ರು, ಬೊಮ್ಮೇನಹಳ್ಳಿ ಪರಮೇಶ್ವರಪ್ಪ, ಗ್ರಾಮದ ಮುಖಂಡರಾದ ಗಿರೀಶ್, ಸತೀಶ್, ಅಣ್ಣಪ್ಪ, ಕುಮಾರ್, ರಾಜು, ಉಪತಹಶೀಲ್ದಾರ್ ಪಾಲಾಕ್ಷಮೂರ್ತಿ, ಕಂದಾಯ ನಿರೀಕ್ಷಕ ಲೋಕೇಶ್ ಸೇರಿದಂತೆ ಹಲವರು ಭಾಗವಹಿಸಿದ್ದರು.
